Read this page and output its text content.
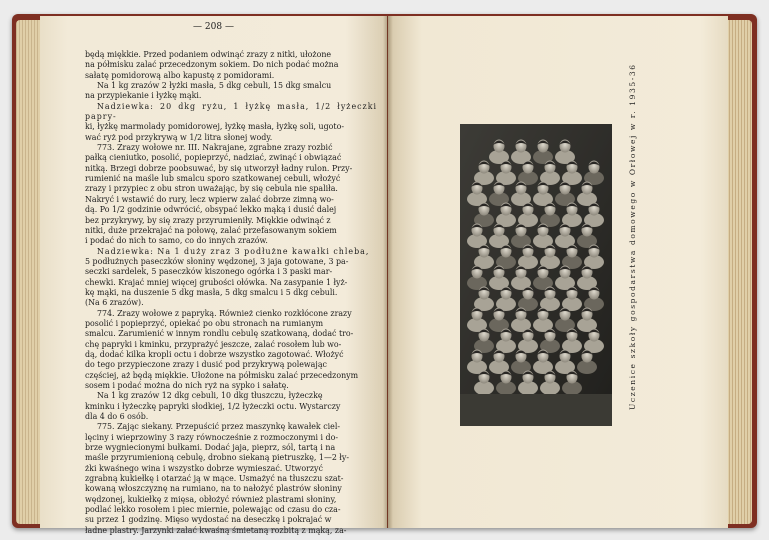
— 208 —

będą miękkie. Przed podaniem odwinąć zrazy z nitki, ułożone

na półmisku zalać przecedzonym sokiem. Do nich podać można

sałatę pomidorową albo kapustę z pomidorami.

Na 1 kg zrazów 2 łyżki masła, 5 dkg cebuli, 15 dkg smalcu

na przypiekanie i łyżkę mąki.

Nadziewka: 20 dkg ryżu, 1 łyżkę masła, 1/2 łyżeczki papry-

ki, łyżkę marmolady pomidorowej, łyżkę masła, łyżkę soli, ugoto-

wać ryż pod przykrywą w 1/2 litra słonej wody.

773. Zrazy wołowe nr. III. Nakrajane, zgrabne zrazy rozbić

pałką cieniutko, posolić, popieprzyć, nadziać, zwinąć i obwiązać

nitką. Brzegi dobrze poobsuwać, by się utworzył ładny rulon. Przy-

rumienić na maśle lub smalcu sporo szatkowanej cebuli, włożyć

zrazy i przypiec z obu stron uważając, by się cebula nie spaliła.

Nakryć i wstawić do rury, lecz wpierw zalać dobrze zimną wo-

dą. Po 1/2 godzinie odwrócić, obsypać lekko mąką i dusić dalej

bez przykrywy, by się zrazy przyrumieniły. Miękkie odwinąć z

nitki, duże przekrajać na połowę, zalać przefasowanym sokiem

i podać do nich to samo, co do innych zrazów.

Nadziewka: Na 1 duży zraz 3 podłużne kawałki chleba,

5 podłużnych paseczków słoniny wędzonej, 3 jaja gotowane, 3 pa-

seczki sardelek, 5 paseczków kiszonego ogórka i 3 paski mar-

chewki. Krajać mniej więcej grubości ołówka. Na zasypanie 1 łyż-

kę mąki, na duszenie 5 dkg masła, 5 dkg smalcu i 5 dkg cebuli.

(Na 6 zrazów).

774. Zrazy wołowe z papryką. Również cienko rozkłócone zrazy

posolić i popieprzyć, opiekać po obu stronach na rumianym

smalcu. Zarumienić w innym rondlu cebulę szatkowaną, dodać tro-

chę papryki i kminku, przyprażyć jeszcze, zalać rosołem lub wo-

dą, dodać kilka kropli octu i dobrze wszystko zagotować. Włożyć

do tego przypieczone zrazy i dusić pod przykrywą polewając

częściej, aż będą miękkie. Ułożone na półmisku zalać przecedzonym

sosem i podać można do nich ryż na sypko i sałatę.

Na 1 kg zrazów 12 dkg cebuli, 10 dkg tłuszczu, łyżeczkę

kminku i łyżeczkę papryki słodkiej, 1/2 łyżeczki octu. Wystarczy

dla 4 do 6 osób.

775. Zając siekany. Przepuścić przez maszynkę kawałek ciel-

lęciny i wieprzowiny 3 razy równocześnie z rozmoczonymi i do-

brze wygniecionymi bułkami. Dodać jaja, pieprz, sól, tartą i na

maśle przyrumienioną cebulę, drobno siekaną pietruszkę, 1—2 ły-

żki kwaśnego wina i wszystko dobrze wymieszać. Utworzyć

zgrabną kukiełkę i otarzać ją w mące. Usmażyć na tłuszczu szat-

kowaną włoszczyznę na rumiano, na to nałożyć plastrów słoniny

wędzonej, kukiełkę z mięsa, obłożyć również plastrami słoniny,

podlać lekko rosołem i piec miernie, polewając od czasu do cza-

su przez 1 godzinę. Mięso wydostać na deseczkę i pokrajać w

ładne plastry. Jarzynki zalać kwaśną śmietaną rozbitą z mąką, za-

Uczenice szkoły gospodarstwa domowego w Orłowej w r. 1935-36
